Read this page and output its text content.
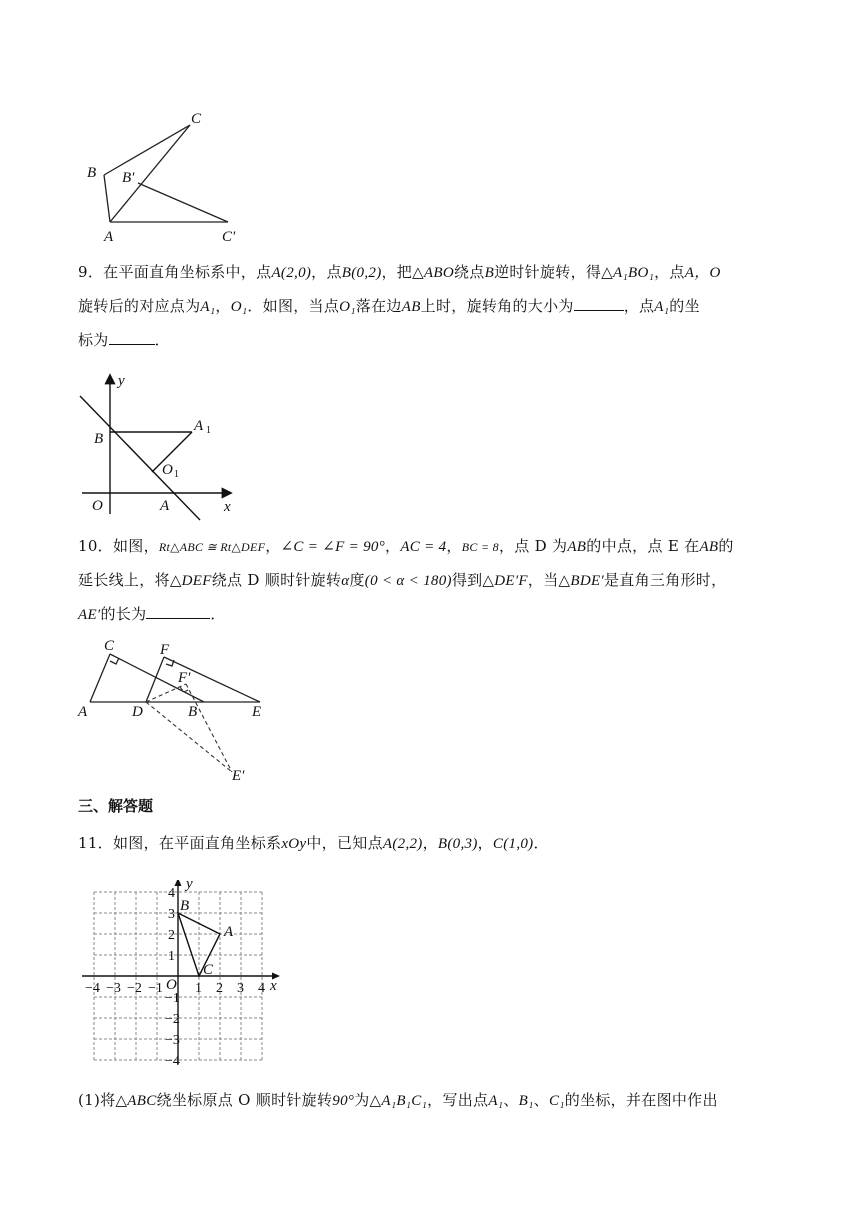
A
B
C
B′
C′
9．在平面直角坐标系中，点A(2,0)，点B(0,2)，把△ABO绕点B逆时针旋转，得△A₁BO₁，点A，O
旋转后的对应点为A₁，O₁．如图，当点O₁落在边AB上时，旋转角的大小为	，点A₁的坐
标为	．
y
x
B
A 1
O 1
O	A
10．如图，Rt△ABC ≅ Rt△DEF，∠C = ∠F = 90°，AC = 4，BC = 8，点 D 为AB的中点，点 E 在AB的
延长线上，将△DEF绕点 D 顺时针旋转α度(0 < α < 180)得到△DE′F，当△BDE′是直角三角形时，
AE′的长为	．
C	F
F′
A	D	B	E
E′
三、解答题
11．如图，在平面直角坐标系xOy中，已知点A(2,2)，B(0,3)，C(1,0)．
−4 −3 −2 −1 1 2 3 4
4
3
2
1
−1
−2
−3
−4
O	x
y
B
A
C
(1)将△ABC绕坐标原点 O 顺时针旋转90°为△A₁B₁C₁，写出点A₁、B₁、C₁的坐标，并在图中作出
